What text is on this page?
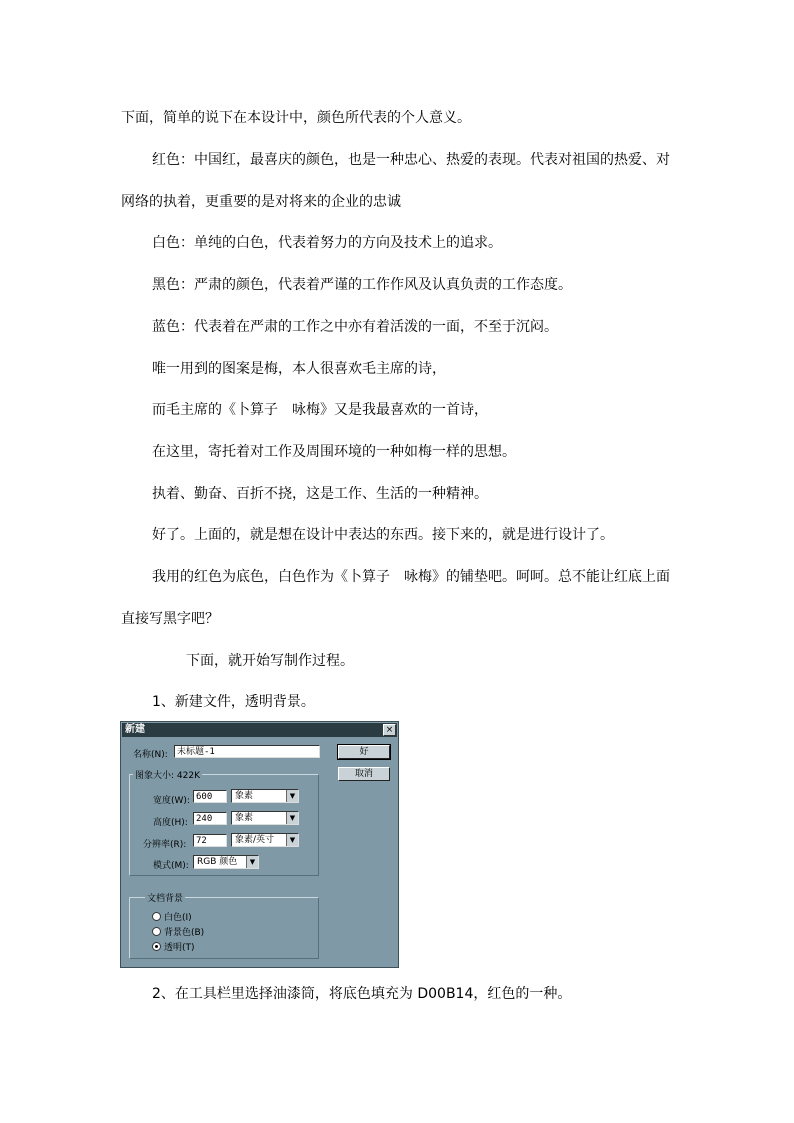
下面，简单的说下在本设计中，颜色所代表的个人意义。
红色：中国红，最喜庆的颜色，也是一种忠心、热爱的表现。代表对祖国的热爱、对
网络的执着，更重要的是对将来的企业的忠诚
白色：单纯的白色，代表着努力的方向及技术上的追求。
黑色：严肃的颜色，代表着严谨的工作作风及认真负责的工作态度。
蓝色：代表着在严肃的工作之中亦有着活泼的一面，不至于沉闷。
唯一用到的图案是梅，本人很喜欢毛主席的诗，
而毛主席的《卜算子　咏梅》又是我最喜欢的一首诗，
在这里，寄托着对工作及周围环境的一种如梅一样的思想。
执着、勤奋、百折不挠，这是工作、生活的一种精神。
好了。上面的，就是想在设计中表达的东西。接下来的，就是进行设计了。
我用的红色为底色，白色作为《卜算子　咏梅》的铺垫吧。呵呵。总不能让红底上面
直接写黑字吧？
下面，就开始写制作过程。
1、新建文件，透明背景。
新建	×
名称(N):	未标题-1	好
取消
图象大小: 422K
宽度(W): 600	象素	▼
高度(H): 240	象素	▼
分辨率(R):	72	象素/英寸	▼
模式(M): RGB 颜色	▼
文档背景
白色(I)
背景色(B)
透明(T)
2、在工具栏里选择油漆筒，将底色填充为 D00B14，红色的一种。
